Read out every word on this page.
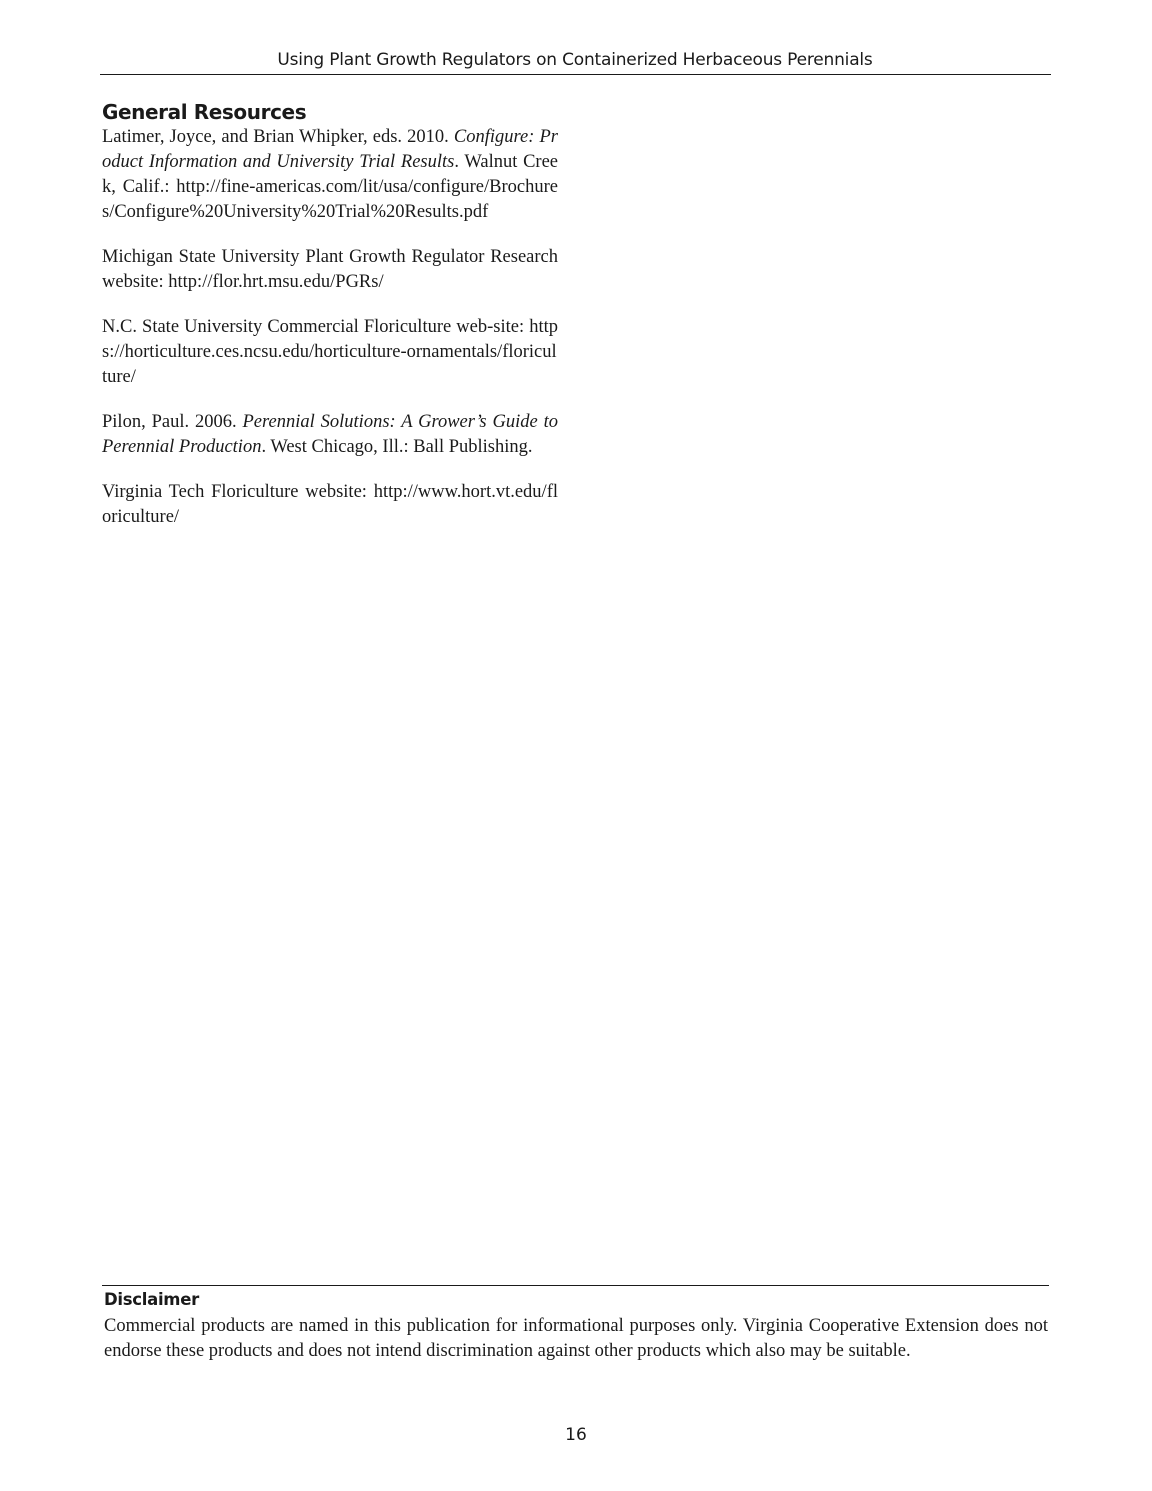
Using Plant Growth Regulators on Containerized Herbaceous Perennials
General Resources

Latimer, Joyce, and Brian Whipker, eds. 2010. Configure: Product Information and University Trial Results. Walnut Creek, Calif.: http://fine-americas.com/lit/usa/configure/Brochures/Configure%20University%20Trial%20Results.pdf

Michigan State University Plant Growth Regulator Research website: http://flor.hrt.msu.edu/PGRs/

N.C. State University Commercial Floriculture web-site: https://horticulture.ces.ncsu.edu/horticulture-ornamentals/floriculture/

Pilon, Paul. 2006. Perennial Solutions: A Grower’s Guide to Perennial Production. West Chicago, Ill.: Ball Publishing.

Virginia Tech Floriculture website: http://www.hort.vt.edu/floriculture/

Disclaimer

Commercial products are named in this publication for informational purposes only. Virginia Cooperative Extension does not endorse these products and does not intend discrimination against other products which also may be suitable.

16
